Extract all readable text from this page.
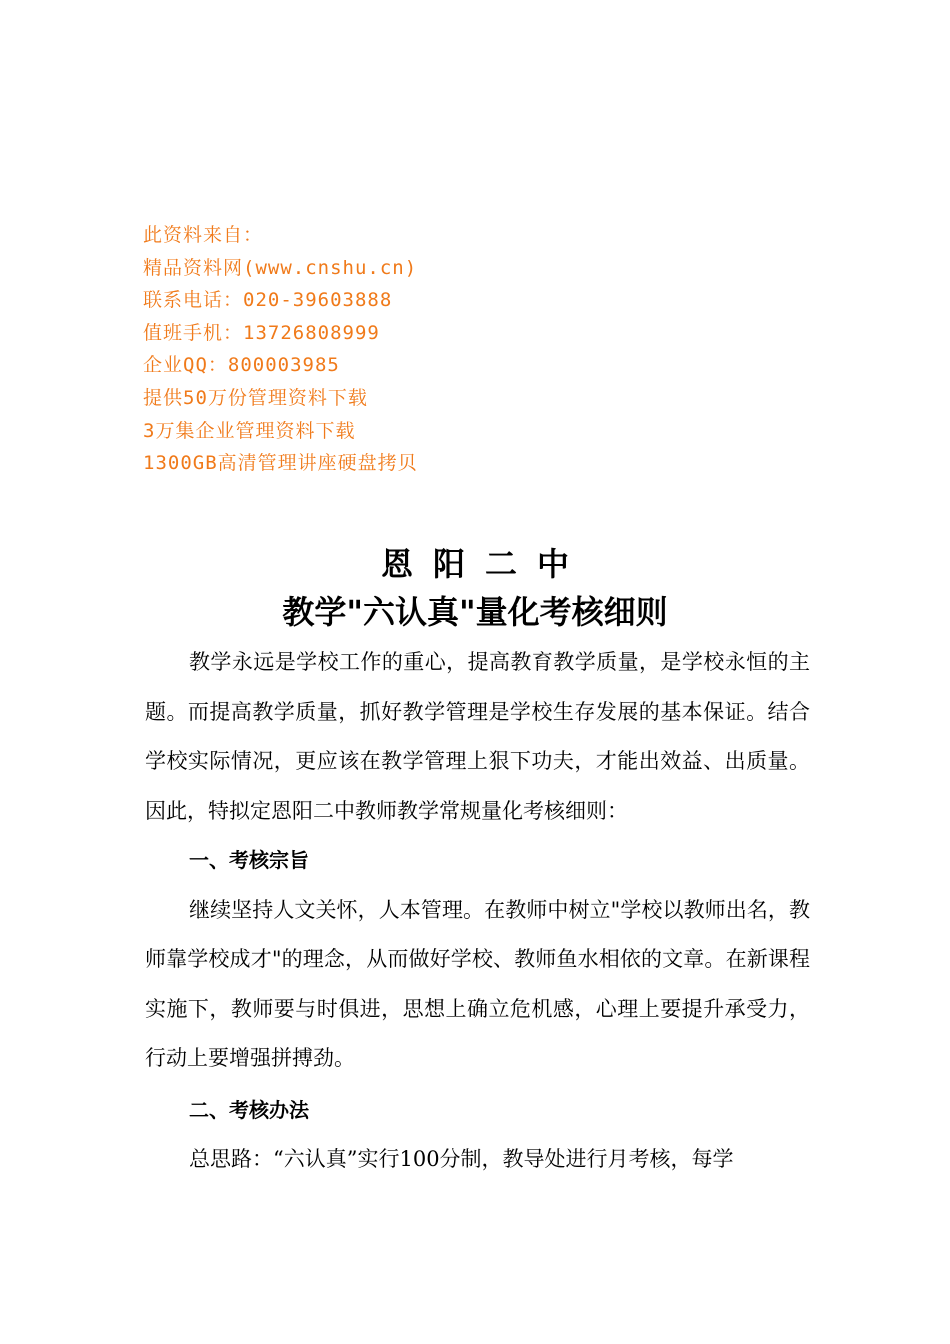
此资料来自：
精品资料网(www.cnshu.cn)
联系电话：020-39603888
值班手机：13726808999
企业QQ：800003985
提供50万份管理资料下载
3万集企业管理资料下载
1300GB高清管理讲座硬盘拷贝
恩阳二中
教学"六认真"量化考核细则

教学永远是学校工作的重心，提高教育教学质量，是学校永恒的主题。而提高教学质量，抓好教学管理是学校生存发展的基本保证。结合学校实际情况，更应该在教学管理上狠下功夫，才能出效益、出质量。因此，特拟定恩阳二中教师教学常规量化考核细则：

一、考核宗旨

继续坚持人文关怀，人本管理。在教师中树立"学校以教师出名，教师靠学校成才"的理念，从而做好学校、教师鱼水相依的文章。在新课程实施下，教师要与时俱进，思想上确立危机感，心理上要提升承受力，行动上要增强拼搏劲。

二、考核办法

总思路：“六认真”实行100分制，教导处进行月考核，每学
